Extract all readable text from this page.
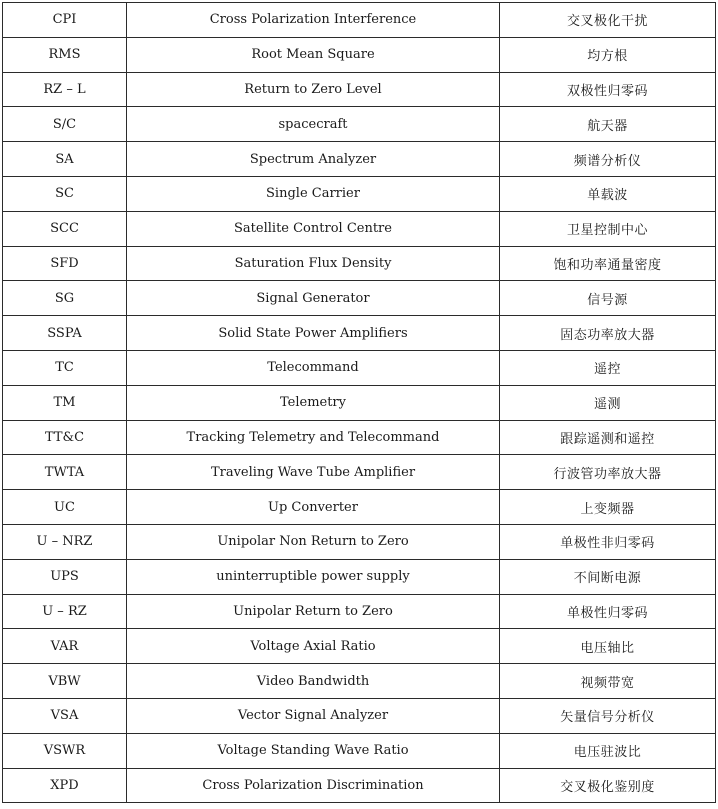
CPI	Cross Polarization Interference	交叉极化干扰
RMS	Root Mean Square	均方根
RZ – L	Return to Zero Level	双极性归零码
S/C	spacecraft	航天器
SA	Spectrum Analyzer	频谱分析仪
SC	Single Carrier	单载波
SCC	Satellite Control Centre	卫星控制中心
SFD	Saturation Flux Density	饱和功率通量密度
SG	Signal Generator	信号源
SSPA	Solid State Power Amplifiers	固态功率放大器
TC	Telecommand	遥控
TM	Telemetry	遥测
TT&C	Tracking Telemetry and Telecommand	跟踪遥测和遥控
TWTA	Traveling Wave Tube Amplifier	行波管功率放大器
UC	Up Converter	上变频器
U – NRZ	Unipolar Non Return to Zero	单极性非归零码
UPS	uninterruptible power supply	不间断电源
U – RZ	Unipolar Return to Zero	单极性归零码
VAR	Voltage Axial Ratio	电压轴比
VBW	Video Bandwidth	视频带宽
VSA	Vector Signal Analyzer	矢量信号分析仪
VSWR	Voltage Standing Wave Ratio	电压驻波比
XPD	Cross Polarization Discrimination	交叉极化鉴别度
